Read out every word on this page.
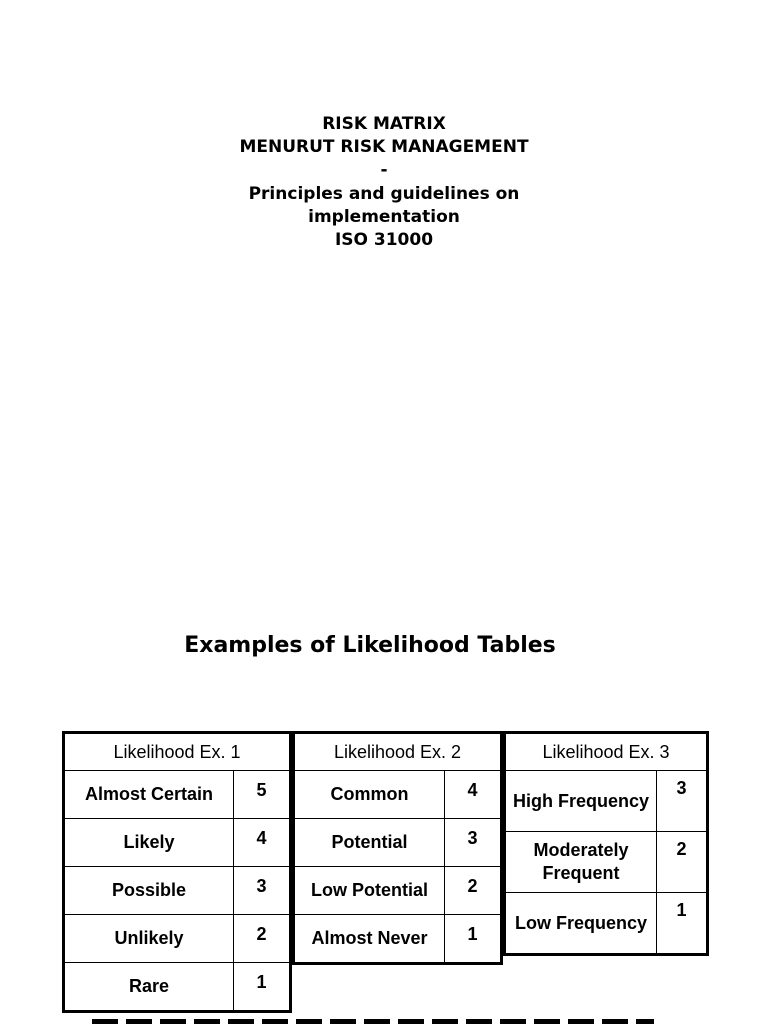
RISK MATRIX
MENURUT RISK MANAGEMENT
-
Principles and guidelines on
implementation
ISO 31000
Examples of Likelihood Tables
Likelihood Ex. 1	
Almost Certain	5
Likely	4
Possible	3
Unlikely	2
Rare	1
Likelihood Ex. 2	
Common	4
Potential	3
Low Potential	2
Almost Never	1
Likelihood Ex. 3	
High Frequency	3
Moderately Frequent	2
Low Frequency	1
